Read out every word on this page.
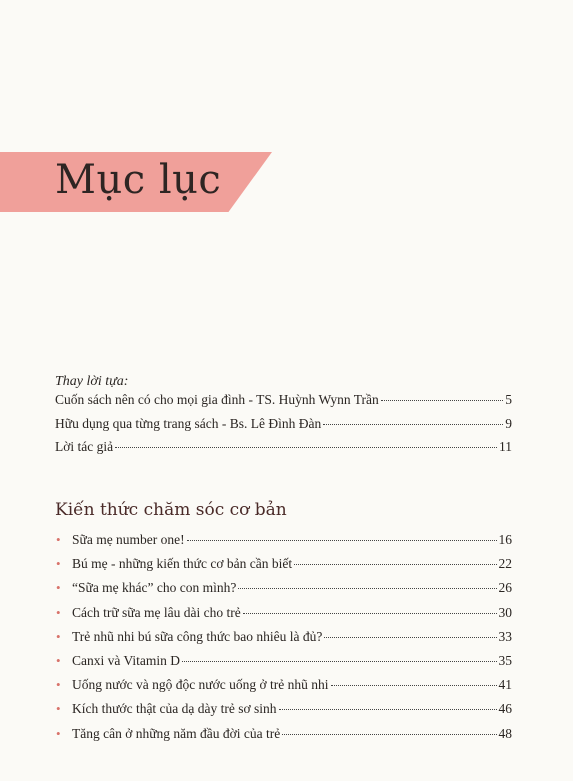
Mục lục
Thay lời tựa:
Cuốn sách nên có cho mọi gia đình - TS. Huỳnh Wynn Trần	5
Hữu dụng qua từng trang sách - Bs. Lê Đình Đàn	9
Lời tác giả	11
Kiến thức chăm sóc cơ bản
• Sữa mẹ number one!	16
• Bú mẹ - những kiến thức cơ bản cần biết	22
• “Sữa mẹ khác” cho con mình?	26
• Cách trữ sữa mẹ lâu dài cho trẻ	30
• Trẻ nhũ nhi bú sữa công thức bao nhiêu là đủ?	33
• Canxi và Vitamin D	35
• Uống nước và ngộ độc nước uống ở trẻ nhũ nhi	41
• Kích thước thật của dạ dày trẻ sơ sinh	46
• Tăng cân ở những năm đầu đời của trẻ	48
